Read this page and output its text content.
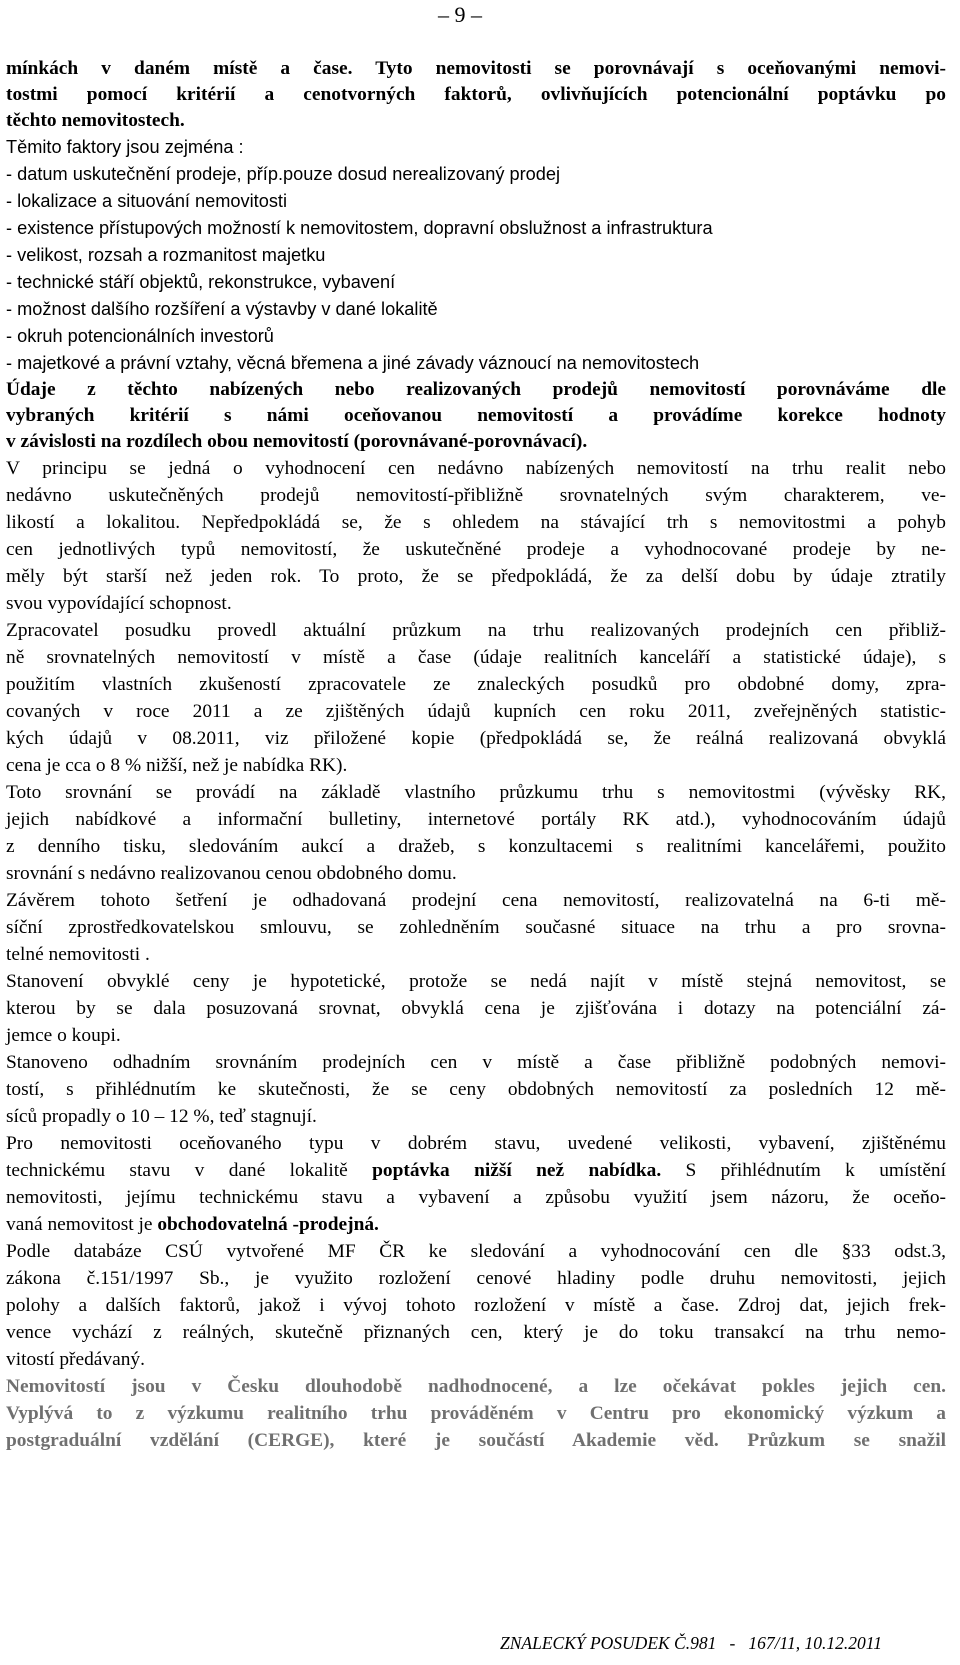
– 9 –
mínkách v daném místě a čase. Tyto nemovitosti se porovnávají s oceňovanými nemovi-
tostmi pomocí kritérií a cenotvorných faktorů, ovlivňujících potencionální poptávku po
těchto nemovitostech.
Těmito faktory jsou zejména :
- datum uskutečnění prodeje, příp.pouze dosud nerealizovaný prodej
- lokalizace a situování nemovitosti
- existence přístupových možností k nemovitostem, dopravní obslužnost a infrastruktura
- velikost, rozsah a rozmanitost majetku
- technické stáří objektů, rekonstrukce, vybavení
- možnost dalšího rozšíření a výstavby v dané lokalitě
- okruh potencionálních investorů
- majetkové a právní vztahy, věcná břemena a jiné závady váznoucí na nemovitostech
Údaje z těchto nabízených nebo realizovaných prodejů nemovitostí porovnáváme dle
vybraných kritérií s námi oceňovanou nemovitostí a provádíme korekce hodnoty
v závislosti na rozdílech obou nemovitostí (porovnávané-porovnávací).
V principu se jedná o vyhodnocení cen nedávno nabízených nemovitostí na trhu realit nebo
nedávno uskutečněných prodejů nemovitostí-přibližně srovnatelných svým charakterem, ve-
likostí a lokalitou. Nepředpokládá se, že s ohledem na stávající trh s nemovitostmi a pohyb
cen jednotlivých typů nemovitostí, že uskutečněné prodeje a vyhodnocované prodeje by ne-
měly být starší než jeden rok. To proto, že se předpokládá, že za delší dobu by údaje ztratily
svou vypovídající schopnost.
Zpracovatel posudku provedl aktuální průzkum na trhu realizovaných prodejních cen přibliž-
ně srovnatelných nemovitostí v místě a čase (údaje realitních kanceláří a statistické údaje), s
použitím vlastních zkušeností zpracovatele ze znaleckých posudků pro obdobné domy, zpra-
covaných v roce 2011 a ze zjištěných údajů kupních cen roku 2011, zveřejněných statistic-
kých údajů v 08.2011, viz přiložené kopie (předpokládá se, že reálná realizovaná obvyklá
cena je cca o 8 % nižší, než je nabídka RK).
Toto srovnání se provádí na základě vlastního průzkumu trhu s nemovitostmi (vývěsky RK,
jejich nabídkové a informační bulletiny, internetové portály RK atd.), vyhodnocováním údajů
z denního tisku, sledováním aukcí a dražeb, s konzultacemi s realitními kancelářemi, použito
srovnání s nedávno realizovanou cenou obdobného domu.
Závěrem tohoto šetření je odhadovaná prodejní cena nemovitostí, realizovatelná na 6-ti mě-
síční zprostředkovatelskou smlouvu, se zohledněním současné situace na trhu a pro srovna-
telné nemovitosti .
Stanovení obvyklé ceny je hypotetické, protože se nedá najít v místě stejná nemovitost, se
kterou by se dala posuzovaná srovnat, obvyklá cena je zjišťována i dotazy na potenciální zá-
jemce o koupi.
Stanoveno odhadním srovnáním prodejních cen v místě a čase přibližně podobných nemovi-
tostí, s přihlédnutím ke skutečnosti, že se ceny obdobných nemovitostí za posledních 12 mě-
síců propadly o 10 – 12 %, teď stagnují.
Pro nemovitosti oceňovaného typu v dobrém stavu, uvedené velikosti, vybavení, zjištěnému
technickému stavu v dané lokalitě poptávka nižší než nabídka. S přihlédnutím k umístění
nemovitosti, jejímu technickému stavu a vybavení a způsobu využití jsem názoru, že oceňo-
vaná nemovitost je obchodovatelná -prodejná.
Podle databáze CSÚ vytvořené MF ČR ke sledování a vyhodnocování cen dle §33 odst.3,
zákona č.151/1997 Sb., je využito rozložení cenové hladiny podle druhu nemovitosti, jejich
polohy a dalších faktorů, jakož i vývoj tohoto rozložení v místě a čase. Zdroj dat, jejich frek-
vence vychází z reálných, skutečně přiznaných cen, který je do toku transakcí na trhu nemo-
vitostí předávaný.
Nemovitostí jsou v Česku dlouhodobě nadhodnocené, a lze očekávat pokles jejich cen.
Vyplývá to z výzkumu realitního trhu prováděném v Centru pro ekonomický výzkum a
postgraduální vzdělání (CERGE), které je součástí Akademie věd. Průzkum se snažil
ZNALECKÝ POSUDEK Č.981   -   167/11, 10.12.2011
